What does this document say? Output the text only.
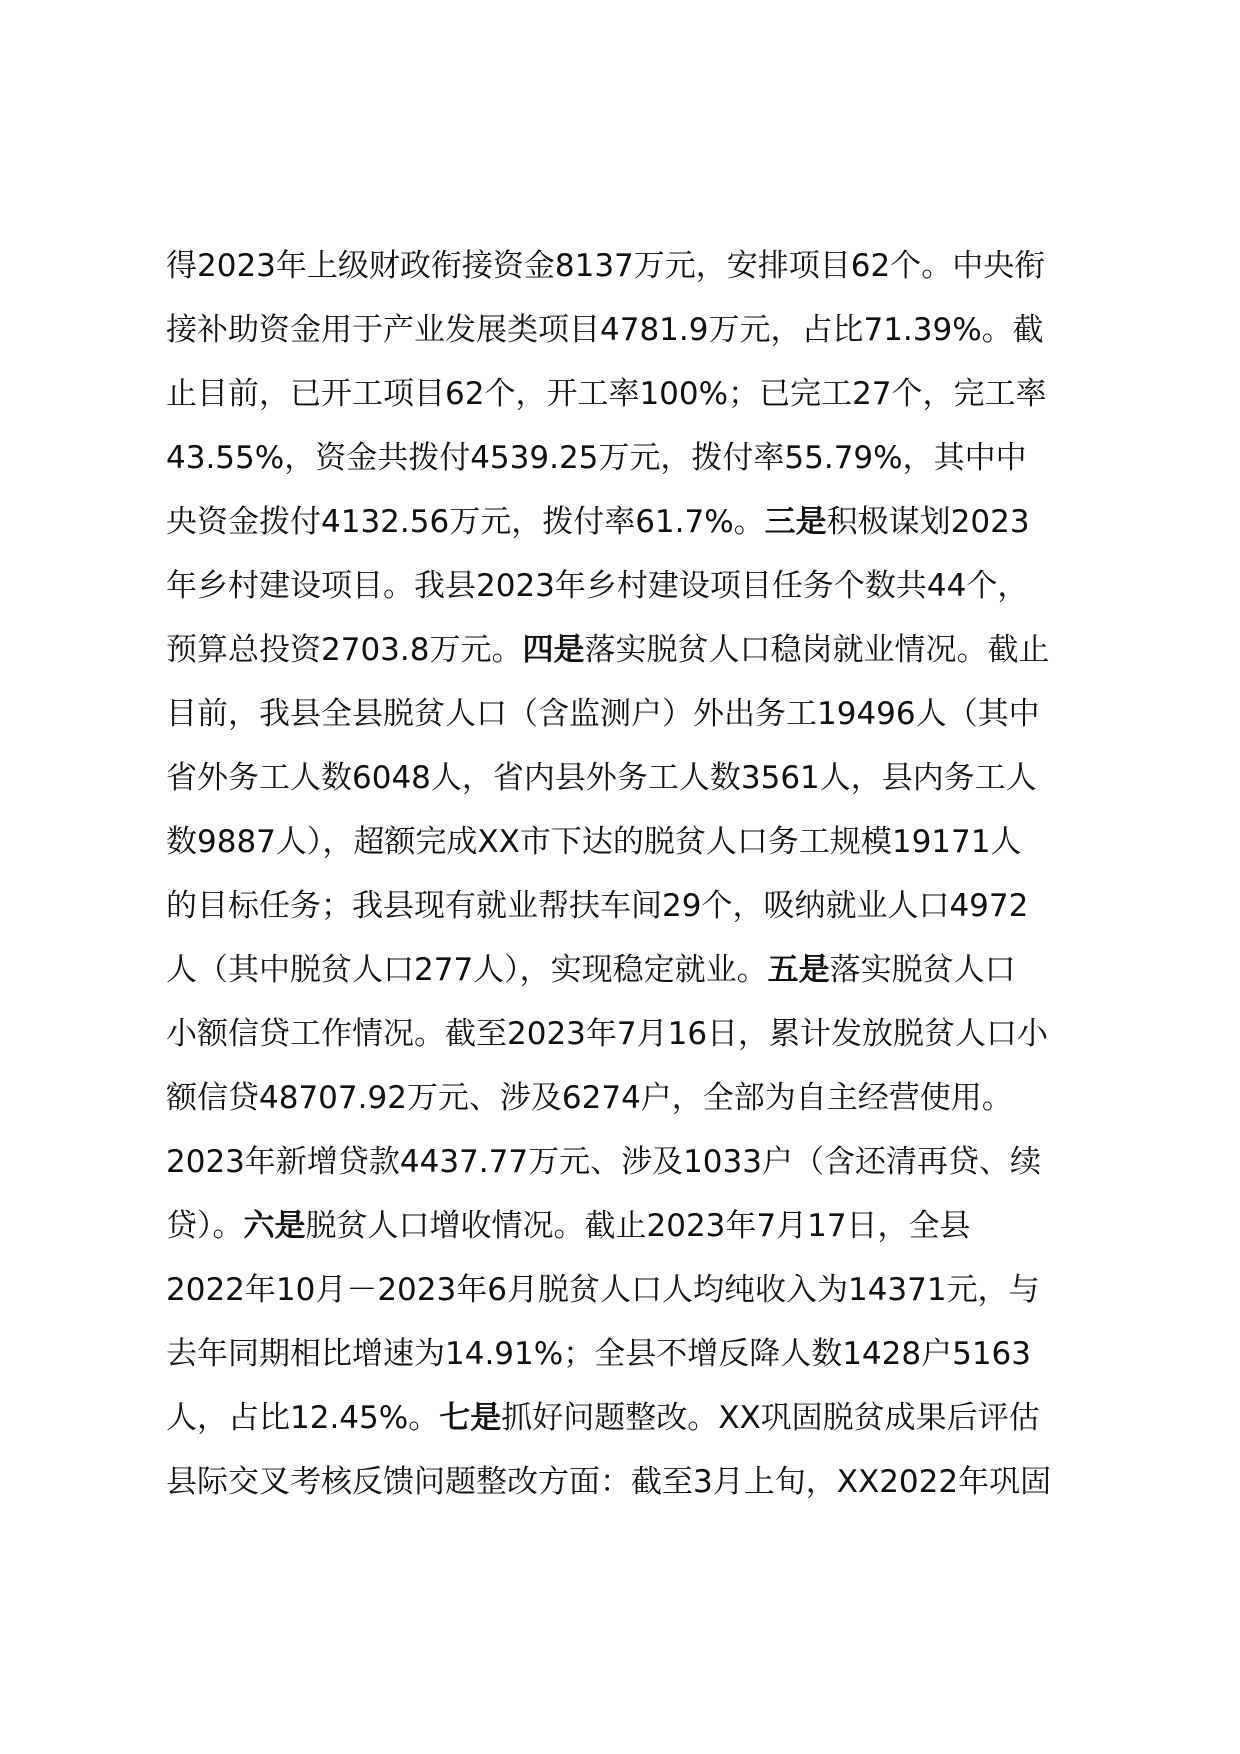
得2023年上级财政衔接资金8137万元，安排项目62个。中央衔
接补助资金用于产业发展类项目4781.9万元，占比71.39%。截
止目前，已开工项目62个，开工率100%；已完工27个，完工率
43.55%，资金共拨付4539.25万元，拨付率55.79%，其中中
央资金拨付4132.56万元，拨付率61.7%。三是积极谋划2023
年乡村建设项目。我县2023年乡村建设项目任务个数共44个，
预算总投资2703.8万元。四是落实脱贫人口稳岗就业情况。截止
目前，我县全县脱贫人口（含监测户）外出务工19496人（其中
省外务工人数6048人，省内县外务工人数3561人，县内务工人
数9887人），超额完成XX市下达的脱贫人口务工规模19171人
的目标任务；我县现有就业帮扶车间29个，吸纳就业人口4972
人（其中脱贫人口277人），实现稳定就业。五是落实脱贫人口
小额信贷工作情况。截至2023年7月16日，累计发放脱贫人口小
额信贷48707.92万元、涉及6274户，全部为自主经营使用。
2023年新增贷款4437.77万元、涉及1033户（含还清再贷、续
贷）。六是脱贫人口增收情况。截止2023年7月17日，全县
2022年10月－2023年6月脱贫人口人均纯收入为14371元，与
去年同期相比增速为14.91%；全县不增反降人数1428户5163
人，占比12.45%。七是抓好问题整改。XX巩固脱贫成果后评估
县际交叉考核反馈问题整改方面：截至3月上旬，XX2022年巩固
